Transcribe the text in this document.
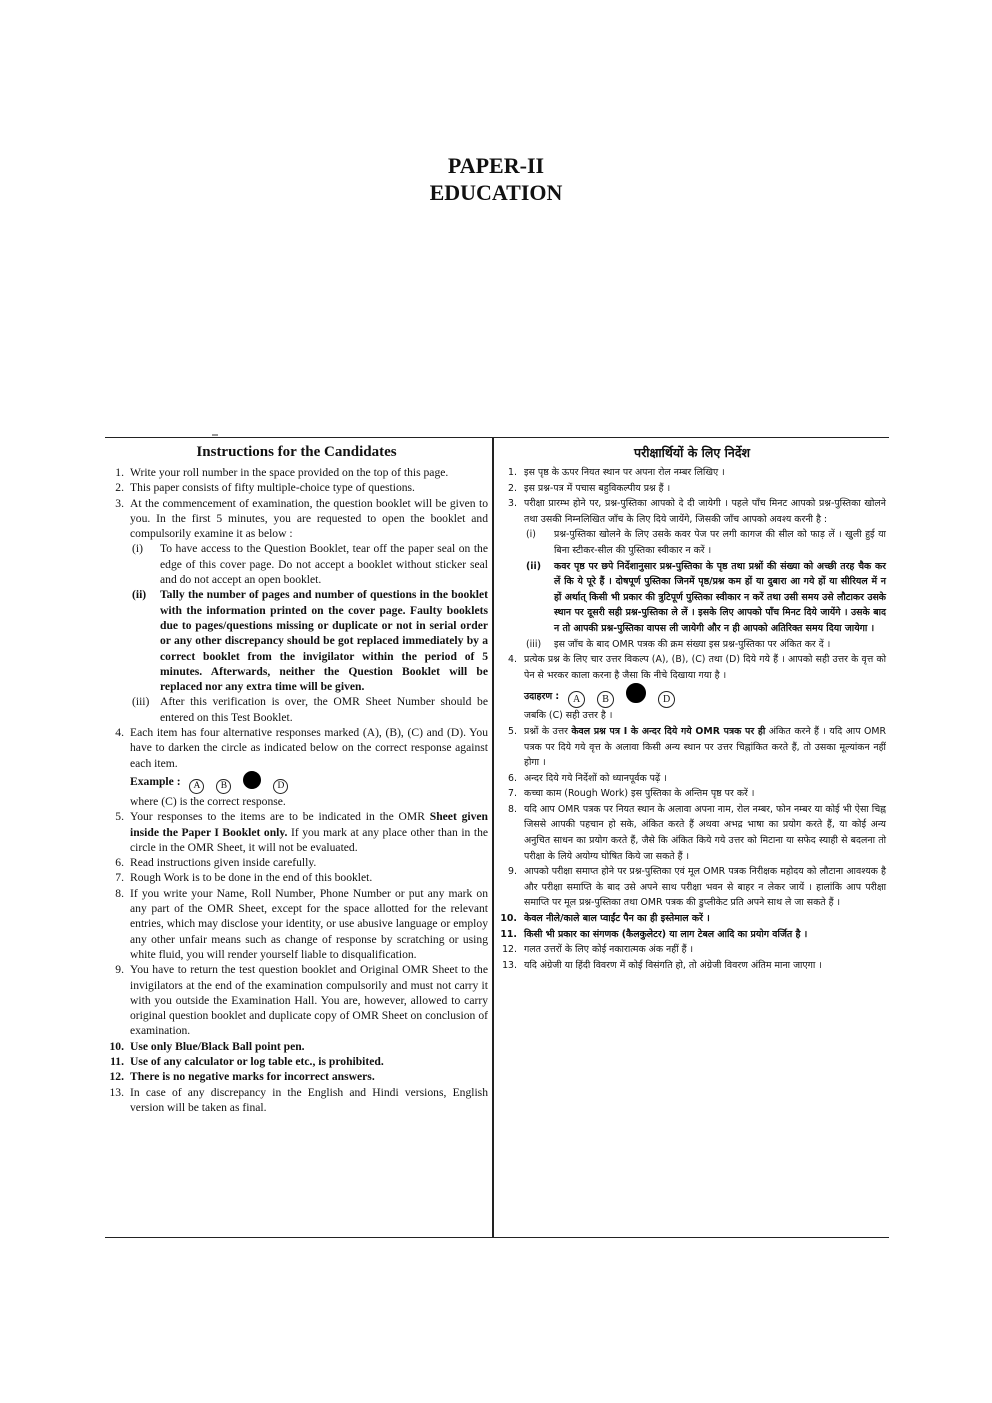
PAPER-II
EDUCATION
Instructions for the Candidates
1. Write your roll number in the space provided on the top of this page.
2. This paper consists of fifty multiple-choice type of questions.
3. At the commencement of examination, the question booklet will be given to you. In the first 5 minutes, you are requested to open the booklet and compulsorily examine it as below :
(i)	To have access to the Question Booklet, tear off the paper seal on the edge of this cover page. Do not accept a booklet without sticker seal and do not accept an open booklet.
(ii)	Tally the number of pages and number of questions in the booklet with the information printed on the cover page. Faulty booklets due to pages/questions missing or duplicate or not in serial order or any other discrepancy should be got replaced immediately by a correct booklet from the invigilator within the period of 5 minutes. Afterwards, neither the Question Booklet will be replaced nor any extra time will be given.
(iii) After this verification is over, the OMR Sheet Number should be entered on this Test Booklet.
4. Each item has four alternative responses marked (A), (B), (C) and (D). You have to darken the circle as indicated below on the correct response against each item.
Example : A B	D
where (C) is the correct response.
5. Your responses to the items are to be indicated in the OMR Sheet given inside the Paper I Booklet only. If you mark at any place other than in the circle in the OMR Sheet, it will not be evaluated.
6. Read instructions given inside carefully.
7. Rough Work is to be done in the end of this booklet.
8. If you write your Name, Roll Number, Phone Number or put any mark on any part of the OMR Sheet, except for the space allotted for the relevant entries, which may disclose your identity, or use abusive language or employ any other unfair means such as change of response by scratching or using white fluid, you will render yourself liable to disqualification.
9. You have to return the test question booklet and Original OMR Sheet to the invigilators at the end of the examination compulsorily and must not carry it with you outside the Examination Hall. You are, however, allowed to carry original question booklet and duplicate copy of OMR Sheet on conclusion of examination.
10. Use only Blue/Black Ball point pen.
11. Use of any calculator or log table etc., is prohibited.
12. There is no negative marks for incorrect answers.
13. In case of any discrepancy in the English and Hindi versions, English version will be taken as final.
परीक्षार्थियों के लिए निर्देश
1. इस पृष्ठ के ऊपर नियत स्थान पर अपना रोल नम्बर लिखिए ।
2. इस प्रश्न-पत्र में पचास बहुविकल्पीय प्रश्न हैं ।
3. परीक्षा प्रारम्भ होने पर, प्रश्न-पुस्तिका आपको दे दी जायेगी । पहले पाँच मिनट आपको प्रश्न-पुस्तिका खोलने तथा उसकी निम्नलिखित जाँच के लिए दिये जायेंगे, जिसकी जाँच आपको अवश्य करनी है :
(i)	प्रश्न-पुस्तिका खोलने के लिए उसके कवर पेज पर लगी कागज की सील को फाड़ लें । खुली हुई या बिना स्टीकर-सील की पुस्तिका स्वीकार न करें ।
(ii)	कवर पृष्ठ पर छपे निर्देशानुसार प्रश्न-पुस्तिका के पृष्ठ तथा प्रश्नों की संख्या को अच्छी तरह चैक कर लें कि ये पूरे हैं । दोषपूर्ण पुस्तिका जिनमें पृष्ठ/प्रश्न कम हों या दुबारा आ गये हों या सीरियल में न हों अर्थात् किसी भी प्रकार की त्रुटिपूर्ण पुस्तिका स्वीकार न करें तथा उसी समय उसे लौटाकर उसके स्थान पर दूसरी सही प्रश्न-पुस्तिका ले लें । इसके लिए आपको पाँच मिनट दिये जायेंगे । उसके बाद न तो आपकी प्रश्न-पुस्तिका वापस ली जायेगी और न ही आपको अतिरिक्त समय दिया जायेगा ।
(iii)	इस जाँच के बाद OMR पत्रक की क्रम संख्या इस प्रश्न-पुस्तिका पर अंकित कर दें ।
4. प्रत्येक प्रश्न के लिए चार उत्तर विकल्प (A), (B), (C) तथा (D) दिये गये हैं । आपको सही उत्तर के वृत्त को पेन से भरकर काला करना है जैसा कि नीचे दिखाया गया है ।
उदाहरण : A B	D
जबकि (C) सही उत्तर है ।
5. प्रश्नों के उत्तर केवल प्रश्न पत्र I के अन्दर दिये गये OMR पत्रक पर ही अंकित करने हैं । यदि आप OMR पत्रक पर दिये गये वृत्त के अलावा किसी अन्य स्थान पर उत्तर चिह्नांकित करते हैं, तो उसका मूल्यांकन नहीं होगा ।
6. अन्दर दिये गये निर्देशों को ध्यानपूर्वक पढ़ें ।
7. कच्चा काम (Rough Work) इस पुस्तिका के अन्तिम पृष्ठ पर करें ।
8. यदि आप OMR पत्रक पर नियत स्थान के अलावा अपना नाम, रोल नम्बर, फोन नम्बर या कोई भी ऐसा चिह्न जिससे आपकी पहचान हो सके, अंकित करते हैं अथवा अभद्र भाषा का प्रयोग करते हैं, या कोई अन्य अनुचित साधन का प्रयोग करते हैं, जैसे कि अंकित किये गये उत्तर को मिटाना या सफेद स्याही से बदलना तो परीक्षा के लिये अयोग्य घोषित किये जा सकते हैं ।
9. आपको परीक्षा समाप्त होने पर प्रश्न-पुस्तिका एवं मूल OMR पत्रक निरीक्षक महोदय को लौटाना आवश्यक है और परीक्षा समाप्ति के बाद उसे अपने साथ परीक्षा भवन से बाहर न लेकर जायें । हालांकि आप परीक्षा समाप्ति पर मूल प्रश्न-पुस्तिका तथा OMR पत्रक की डुप्लीकेट प्रति अपने साथ ले जा सकते हैं ।
10. केवल नीले/काले बाल प्वाईंट पैन का ही इस्तेमाल करें ।
11. किसी भी प्रकार का संगणक (कैलकुलेटर) या लाग टेबल आदि का प्रयोग वर्जित है ।
12. गलत उत्तरों के लिए कोई नकारात्मक अंक नहीं हैं ।
13. यदि अंग्रेजी या हिंदी विवरण में कोई विसंगति हो, तो अंग्रेजी विवरण अंतिम माना जाएगा ।
